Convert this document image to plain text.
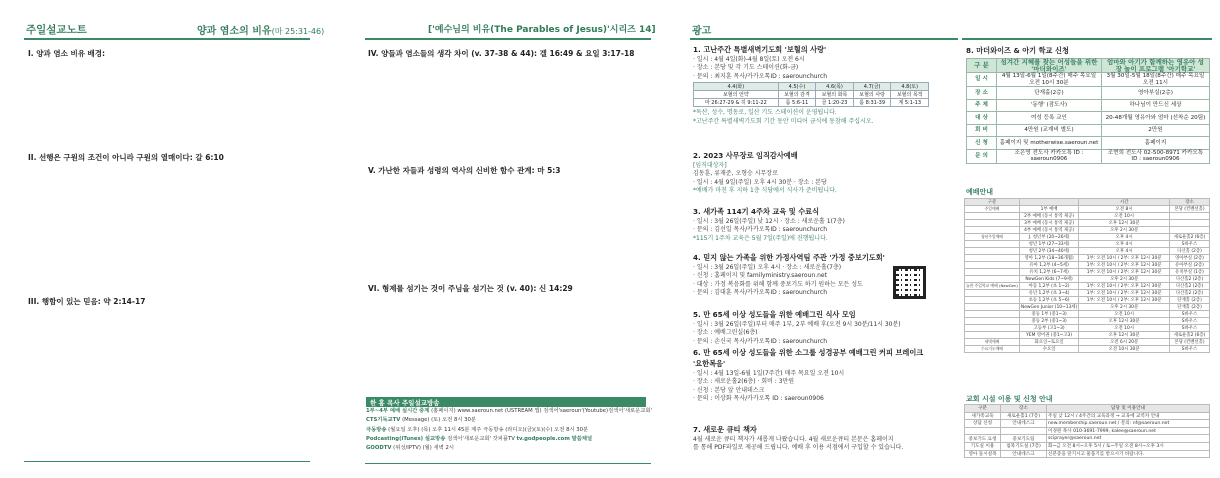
주일설교노트	양과 염소의 비유(마 25:31-46)
I. 양과 염소 비유 배경:
II. 선행은 구원의 조건이 아니라 구원의 열매이다: 갈 6:10
III. 행함이 있는 믿음: 약 2:14-17
['예수님의 비유(The Parables of Jesus)'시리즈 14]
IV. 양들과 염소들의 생각 차이 (v. 37-38 & 44): 겔 16:49 & 요일 3:17-18
V. 가난한 자들과 성령의 역사의 신비한 함수 관계: 마 5:3
VI. 형제를 섬기는 것이 주님을 섬기는 것 (v. 40): 신 14:29
한 홍 목사 주일설교방송
1부~4부 예배 실시간 중계 (홈페이지) www.saeroun.net (USTREAM 앱) 검색어'saeroun'(Youtube)검색어'새로운교회'
CTS기독교TV (Message) (토) 오전 8시 30분
극동방송 (월요일 오후) (목) 오후 11시 45분 제주 극동방송 (라디오)(금)(토)(수) 오전 8시 30분
Podcasting(iTunes) 설교방송 검색어'새로운교회' 갓피플TV tv.godpeople.com 말씀채널
GOODTV (위성/IPTV) (월) 새벽 2시
광고
1. 고난주간 특별새벽기도회 '보혈의 사랑'

· 일시 : 4월 4일(화)-4월 8일(토) 오전 6시

· 장소 : 본당 및 각 기도 스테이션(화-금)

· 문의 : 최지훈 목사/카카오톡ID : saerounchurch

4.4(화)	4.5(수)	4.6(목)	4.7(금)	4.8(토)
보혈의 언약	보혈의 감격	보혈의 화목	보혈의 사랑	보혈의 목적
마 26:27-29 & 히 9:11-22	롬 5:6-11	골 1:20-23	롬 8:31-39	계 5:1-13

*독산, 성수, 명동로, 일산 기도 스테이션이 운영됩니다.

*고난주간 특별새벽기도회 기간 동안 미디어 금식에 동참해 주십시오.

2. 2023 사무장로 임직감사예배

[임직대상자]

김동훈, 류재준, 오형승 시무장로

· 일시 : 4월 9일(주일) 오후 4시 30분 · 장소 : 본당

*예배가 마친 후 지하 1층 식당에서 식사가 준비됩니다.

3. 새가족 114기 4주차 교육 및 수료식

· 일시 : 3월 26일(주일) 낮 12시 · 장소 : 새로운홀 1(7층)

· 문의 : 김선일 목사/카카오톡ID : saerounchurch

*115기 1주차 교육은 5월 7일(주일)에 진행됩니다.

4. 믿지 않는 가족을 위한 가정사역팀 주관 '가정 중보기도회'

· 일시 : 3월 26일(주일) 오후 4시 · 장소 : 새로운홀(7층)

· 신청 : 홈페이지 및 familyministry.saeroun.net

· 대상 : 가정 복음화를 위해 함께 중보기도 하기 원하는 모든 성도

· 문의 : 김대훈 목사/카카오톡ID : saerounchurch

5. 만 65세 이상 성도들을 위한 예배그린 식사 모임

· 일시 : 3월 26일(주일)부터 매주 1부, 2부 예배 후(오전 9시 30분/11시 30분)

· 장소 : 예배그린실(6층)

· 문의 : 손신국 목사/카카오톡ID : saerounchurch

6. 만 65세 이상 성도들을 위한 소그룹 성경공부 예배그린 커피 브레이크
'요한복음'

· 일시 : 4월 13일-6월 1일(7주간) 매주 목요일 오전 10시

· 장소 : 새로운홀2(6층) · 회비 : 3만원

· 신청 : 본당 앞 안내데스크

· 문의 : 이상화 목사/카카오톡 ID : saeroun0906

7. 새로운 큐티 책자

4월 새로운 큐티 책자가 새롭게 나왔습니다. 4월 새로운큐티 본문은 홈페이지

를 통해 PDF파일로 제공해 드립니다. 예배 후 이용 서점에서 구입할 수 있습니다.

8. 마더와이즈 & 아기 학교 신청
구 분	섬겨간 지혜를 찾는 어성들을 위한 '마더와이즈'	엄마와 아기가 함께하는 영유아 성장 놀이 프로그램 '아기학교'
일 시	4월 13일-6월 1일(8주간) 매주 목요일 오전 10시 30분	3월 30일-5월 18일(8주간) 매주 목요일 오전 11시
장 소	단재홀(2층)	영아부실(2층)
주 제	'동행' (잠도사)	하나님이 만드신 세상
대 상	여성 등록 교인	20-48개월 영유아와 엄마 (선착순 20팀)
회 비	4만원 (교재비 별도)	2만원
신 청	홈페이지 및 motherwise.saeroun.net	홈페이지
문 의	조은영 전도사 카카오톡 ID : saeroun0906	조현희 전도사 02-500-8971 카카오톡 ID : saeroun0906
예배안내
구분		시간	장소
주일예배	1부 예배	오전 8시	본당 (컨벤션홀)
	2부 예배 (동시 통역 제공)	오전 10시	
	3부 예배 (동시 통역 제공)	오후 12시 30분	
	4부 예배 (동시 통역 제공)	오후 2시 30분	
청년주일예배	J. 청년부 (20~26세)	오후 4시	새로운홀2 (6층)
	청년 1부 (27~33세)	오후 4시	S바우스
	청년 2부 (34~40세)	오후 4시	다산홀 (2층)
	영아 1,2부 (18~36개월)	1부: 오전 10시 / 2부: 오후 12시 30분	영아부실 (2층)
	유아 1,2부 (4~5세)	1부: 오전 10시 / 2부: 오후 12시 30분	유아부실 (2층)
	유치 1,2부 (6~7세)	1부: 오전 10시 / 2부: 오후 12시 30분	유치부실 (1층)
	NewGen Kids (7~9세)	오후 2시 30분	다산홀2 (2층)
늘찬 주일학교 예배 (NewGen)	아동 1,2부 (초 1~2)	1부: 오전 10시 / 2부: 오후 12시 30분	다산홀2 (2층)
	유년 1,2부 (초 3~4)	1부: 오전 10시 / 2부: 오후 12시 30분	다산홀2 (2층)
	초등 1,2부 (초 5~6)	1부: 오전 10시 / 2부: 오후 12시 30분	단재홀 (2층)
	NewGen Junior (10~13세)	오후 2시 30분	단재홀 (2층)
	중등 1부 (중1~3)	오전 10시	S바우스
	중등 2부 (중1~3)	오후 12시 30분	S바우스
	고등부 (고1~3)	오전 10시	S바우스
	YEM 영어권 (중1~고3)	오후 12시 30분	새로운홀2 (6층)
새벽예배	화요일~토요일	오전 6시 20분	본당 (컨벤션홀)
수요기도예배	수요일	오전 10시 30분	S바우스
교회 시설 이용 및 신청 안내
구분	장소	담당 및 이용안내
새가족교육	새로운홀1 (7층)	주일 낮 12시 / 4주간의 교육과정 → 교육에 교역자 안내
상담 신청	안내데스크	new.membership.saeroun.net / 문의: nf@saeroun.net
		이경원 목사 010-3691-7999, kalee@saeroun.net
중보기도 요청	중보기도팀	sciprayer@saeroun.net
기도실 이용	침묵기도실 (7층)	화~금 오전 8시~오후 5시 / 토~주일 오전 8시~오후 3시
영아 돌시설목	안내데스크	신분증을 맡기시고 물품기를 받으시기 바랍니다.
